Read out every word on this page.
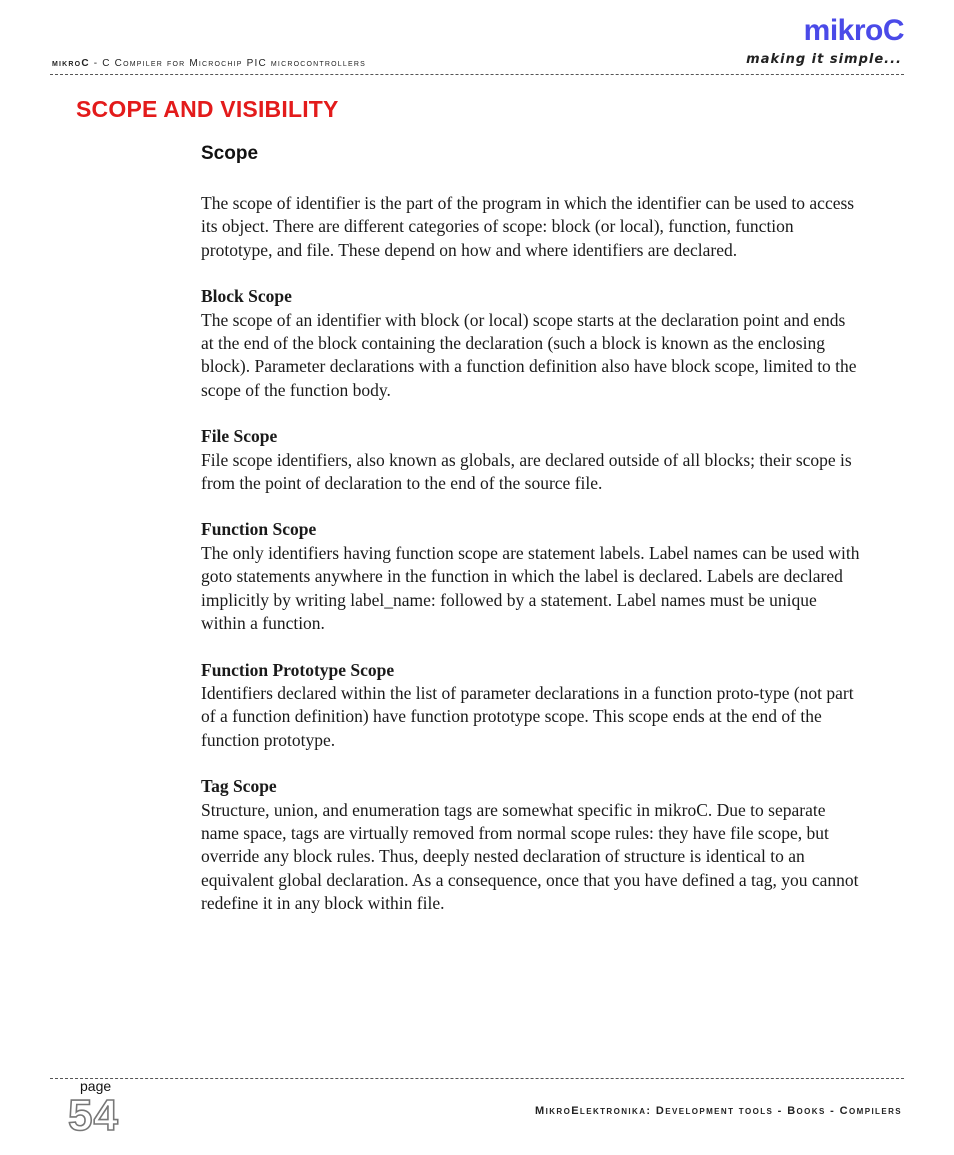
mikroC - C Compiler for Microchip PIC microcontrollers
mikroC
making it simple...
SCOPE AND VISIBILITY
Scope

The scope of identifier is the part of the program in which the identifier can be used to access its object. There are different categories of scope: block (or local), function, function prototype, and file. These depend on how and where identifiers are declared.

Block Scope
The scope of an identifier with block (or local) scope starts at the declaration point and ends at the end of the block containing the declaration (such a block is known as the enclosing block). Parameter declarations with a function definition also have block scope, limited to the scope of the function body.
File Scope
File scope identifiers, also known as globals, are declared outside of all blocks; their scope is from the point of declaration to the end of the source file.
Function Scope
The only identifiers having function scope are statement labels. Label names can be used with goto statements anywhere in the function in which the label is declared. Labels are declared implicitly by writing label_name: followed by a statement. Label names must be unique within a function.
Function Prototype Scope
Identifiers declared within the list of parameter declarations in a function proto-type (not part of a function definition) have function prototype scope. This scope ends at the end of the function prototype.
Tag Scope
Structure, union, and enumeration tags are somewhat specific in mikroC. Due to separate name space, tags are virtually removed from normal scope rules: they have file scope, but override any block rules. Thus, deeply nested declaration of structure is identical to an equivalent global declaration. As a consequence, once that you have defined a tag, you cannot redefine it in any block within file.
page
54	MikroElektronika: Development tools - Books - Compilers
